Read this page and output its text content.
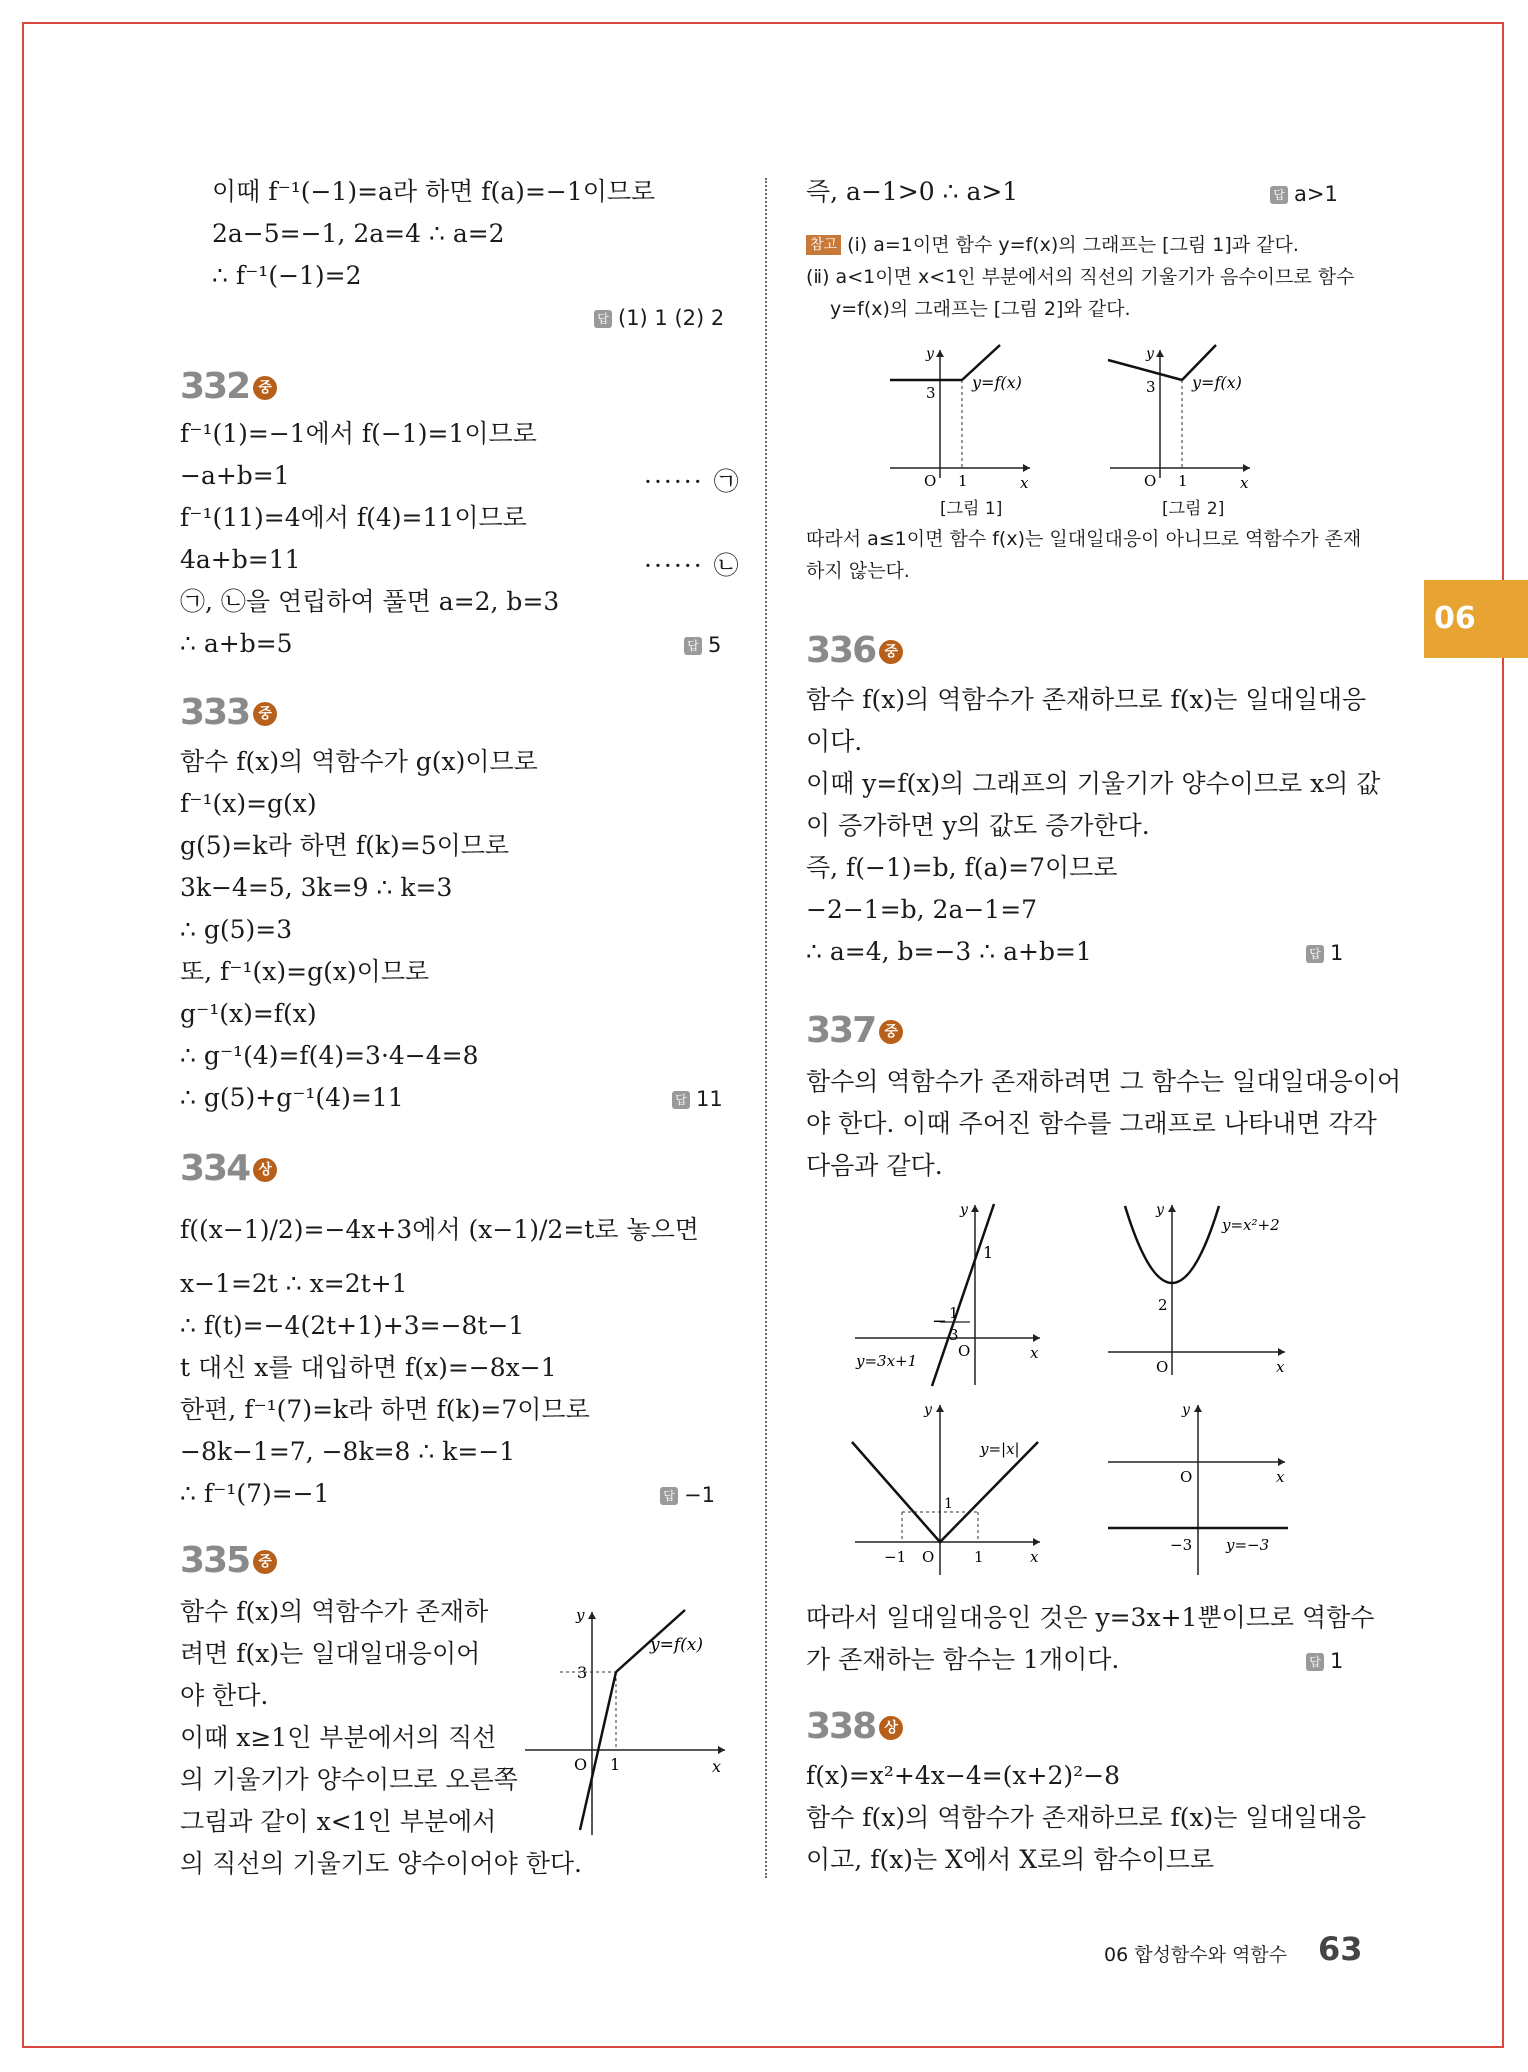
06
이때 f⁻¹(−1)=a라 하면 f(a)=−1이므로
2a−5=−1, 2a=4 ∴ a=2
∴ f⁻¹(−1)=2
답 (1) 1 (2) 2
332 중
f⁻¹(1)=−1에서 f(−1)=1이므로
−a+b=1	······ ㉠
f⁻¹(11)=4에서 f(4)=11이므로
4a+b=11	······ ㉡
㉠, ㉡을 연립하여 풀면 a=2, b=3
∴ a+b=5	답 5
333 중
함수 f(x)의 역함수가 g(x)이므로
f⁻¹(x)=g(x)
g(5)=k라 하면 f(k)=5이므로
3k−4=5, 3k=9 ∴ k=3
∴ g(5)=3
또, f⁻¹(x)=g(x)이므로
g⁻¹(x)=f(x)
∴ g⁻¹(4)=f(4)=3·4−4=8
∴ g(5)+g⁻¹(4)=11	답 11
334 상
f((x−1)/2)=−4x+3에서 (x−1)/2=t로 놓으면
x−1=2t ∴ x=2t+1
∴ f(t)=−4(2t+1)+3=−8t−1
t 대신 x를 대입하면 f(x)=−8x−1
한편, f⁻¹(7)=k라 하면 f(k)=7이므로
−8k−1=7, −8k=8 ∴ k=−1
∴ f⁻¹(7)=−1	답 −1
335 중
함수 f(x)의 역함수가 존재하
려면 f(x)는 일대일대응이어
야 한다.
이때 x≥1인 부분에서의 직선
의 기울기가 양수이므로 오른쪽
그림과 같이 x<1인 부분에서
의 직선의 기울기도 양수이어야 한다.
y=f(x)
3
1
O	x
y
즉, a−1>0 ∴ a>1	답 a>1
참고 (ⅰ) a=1이면 함수 y=f(x)의 그래프는 [그림 1]과 같다.
(ⅱ) a<1이면 x<1인 부분에서의 직선의 기울기가 음수이므로 함수
y=f(x)의 그래프는 [그림 2]와 같다.
y=f(x)
3
1
O	x
y
[그림 1]
y=f(x)
3
1
O	x
y
[그림 2]
따라서 a≤1이면 함수 f(x)는 일대일대응이 아니므로 역함수가 존재
하지 않는다.
336 중
함수 f(x)의 역함수가 존재하므로 f(x)는 일대일대응
이다.
이때 y=f(x)의 그래프의 기울기가 양수이므로 x의 값
이 증가하면 y의 값도 증가한다.
즉, f(−1)=b, f(a)=7이므로
−2−1=b, 2a−1=7
∴ a=4, b=−3 ∴ a+b=1	답 1
337 중
함수의 역함수가 존재하려면 그 함수는 일대일대응이어
야 한다. 이때 주어진 함수를 그래프로 나타내면 각각
다음과 같다.
1
− 1
3
y=3x+1
O	x
y
y=x²+2
2
O	x
y
y=|x|
1
−1	1
O	x
y
O
−3 y=−3
x
y
따라서 일대일대응인 것은 y=3x+1뿐이므로 역함수
가 존재하는 함수는 1개이다.	답 1
338 상
f(x)=x²+4x−4=(x+2)²−8
함수 f(x)의 역함수가 존재하므로 f(x)는 일대일대응
이고, f(x)는 X에서 X로의 함수이므로
06 합성함수와 역함수 63
